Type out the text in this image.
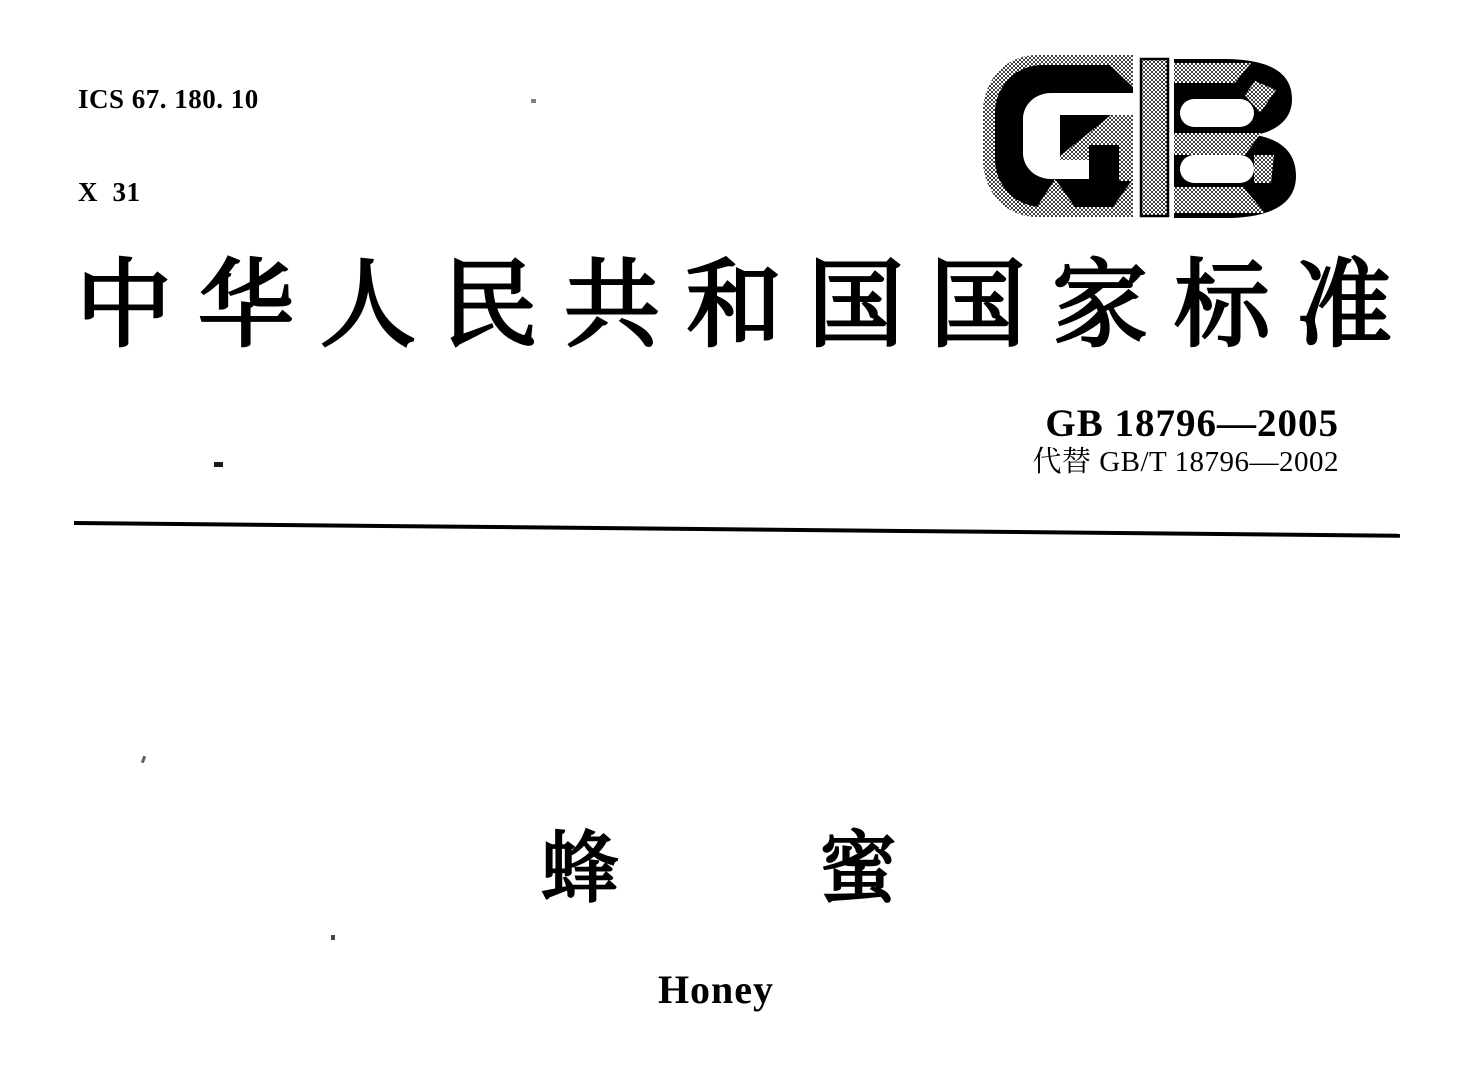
ICS 67. 180. 10

X  31

中 华 人 民 共 和 国 国 家 标 准
GB 18796—2005
代替 GB/T 18796—2002
蜂	蜜
Honey
